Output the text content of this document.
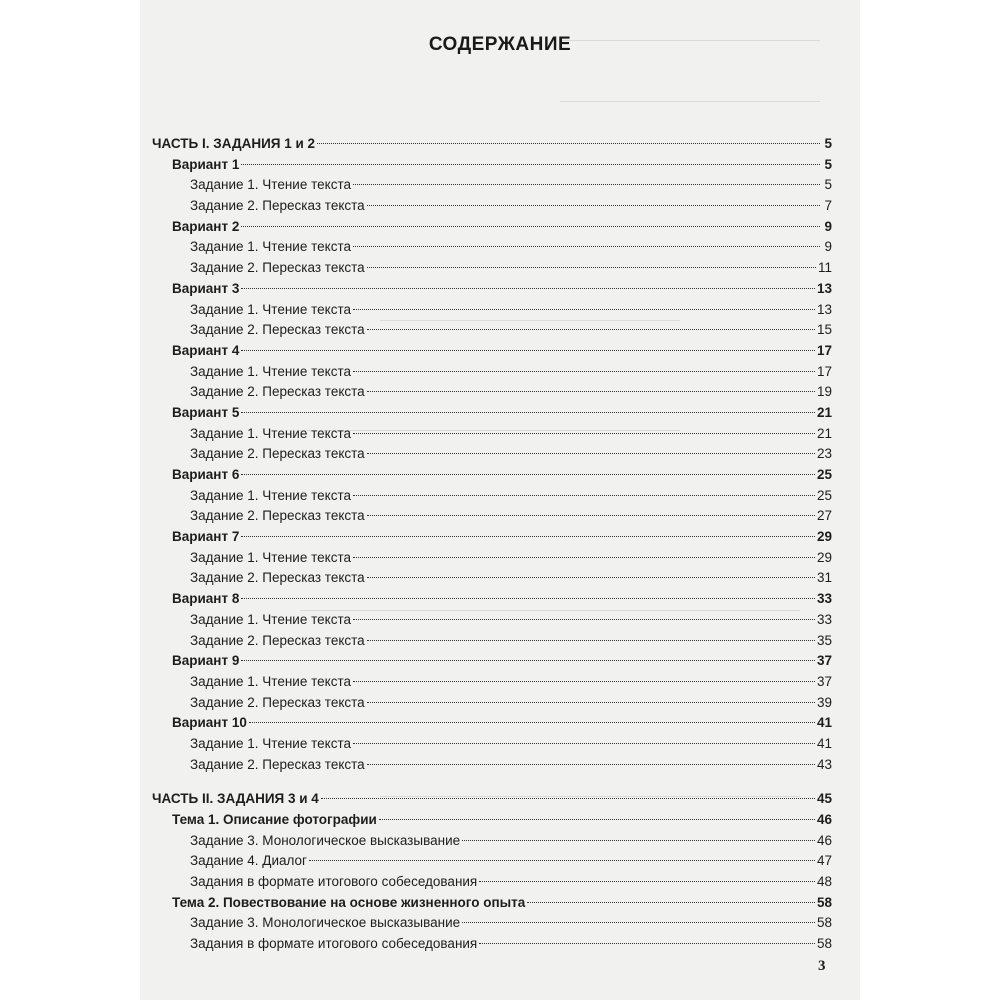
СОДЕРЖАНИЕ
ЧАСТЬ I. ЗАДАНИЯ 1 и 2	5
Вариант 1	5
Задание 1. Чтение текста	5
Задание 2. Пересказ текста	7
Вариант 2	9
Задание 1. Чтение текста	9
Задание 2. Пересказ текста	11
Вариант 3	13
Задание 1. Чтение текста	13
Задание 2. Пересказ текста	15
Вариант 4	17
Задание 1. Чтение текста	17
Задание 2. Пересказ текста	19
Вариант 5	21
Задание 1. Чтение текста	21
Задание 2. Пересказ текста	23
Вариант 6	25
Задание 1. Чтение текста	25
Задание 2. Пересказ текста	27
Вариант 7	29
Задание 1. Чтение текста	29
Задание 2. Пересказ текста	31
Вариант 8	33
Задание 1. Чтение текста	33
Задание 2. Пересказ текста	35
Вариант 9	37
Задание 1. Чтение текста	37
Задание 2. Пересказ текста	39
Вариант 10	41
Задание 1. Чтение текста	41
Задание 2. Пересказ текста	43
ЧАСТЬ II. ЗАДАНИЯ 3 и 4	45
Тема 1. Описание фотографии	46
Задание 3. Монологическое высказывание	46
Задание 4. Диалог	47
Задания в формате итогового собеседования	48
Тема 2. Повествование на основе жизненного опыта	58
Задание 3. Монологическое высказывание	58
Задания в формате итогового собеседования	58
3
